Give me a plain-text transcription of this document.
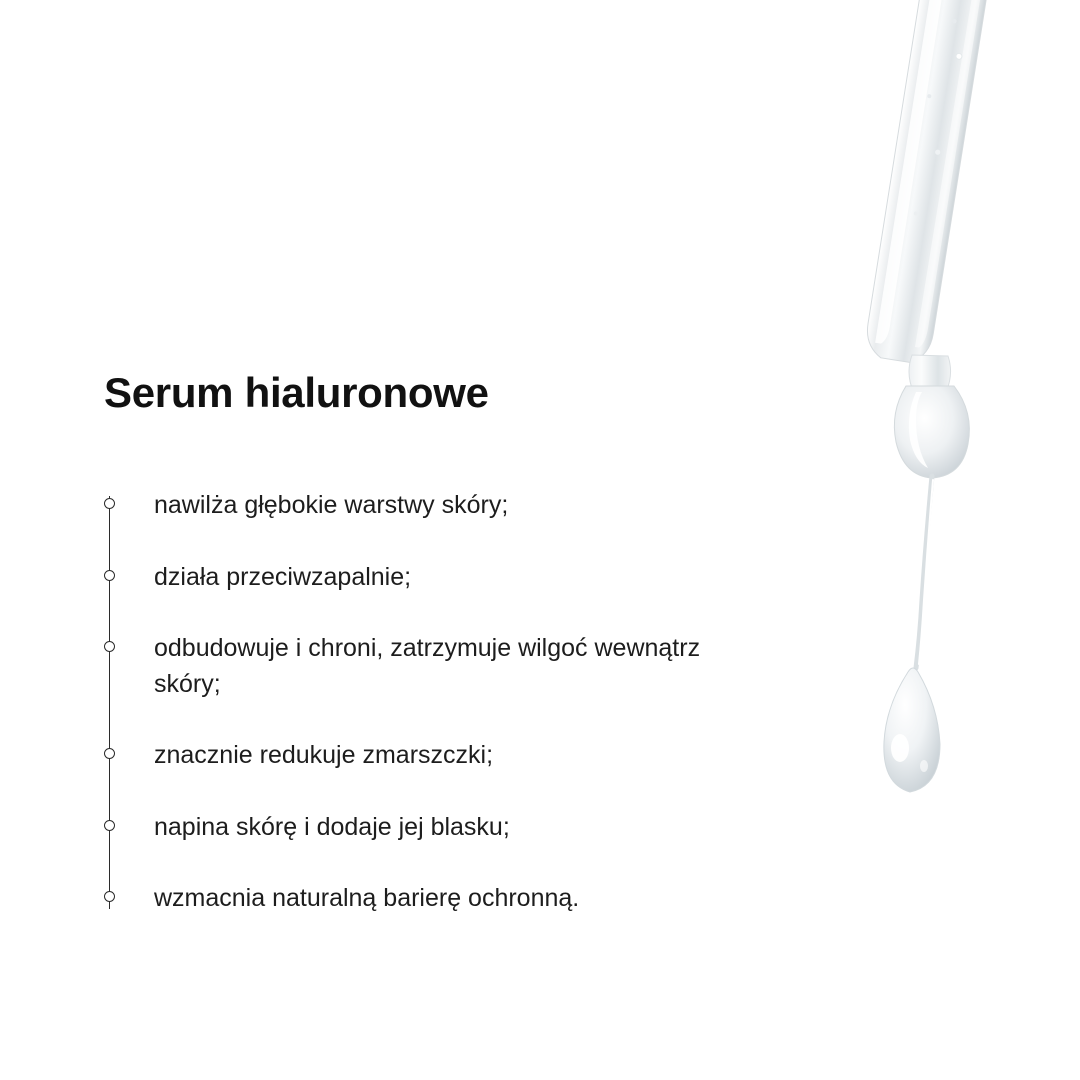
Serum hialuronowe
nawilża głębokie warstwy skóry;
działa przeciwzapalnie;
odbudowuje i chroni, zatrzymuje wilgoć wewnątrz skóry;
znacznie redukuje zmarszczki;
napina skórę i dodaje jej blasku;
wzmacnia naturalną barierę ochronną.
